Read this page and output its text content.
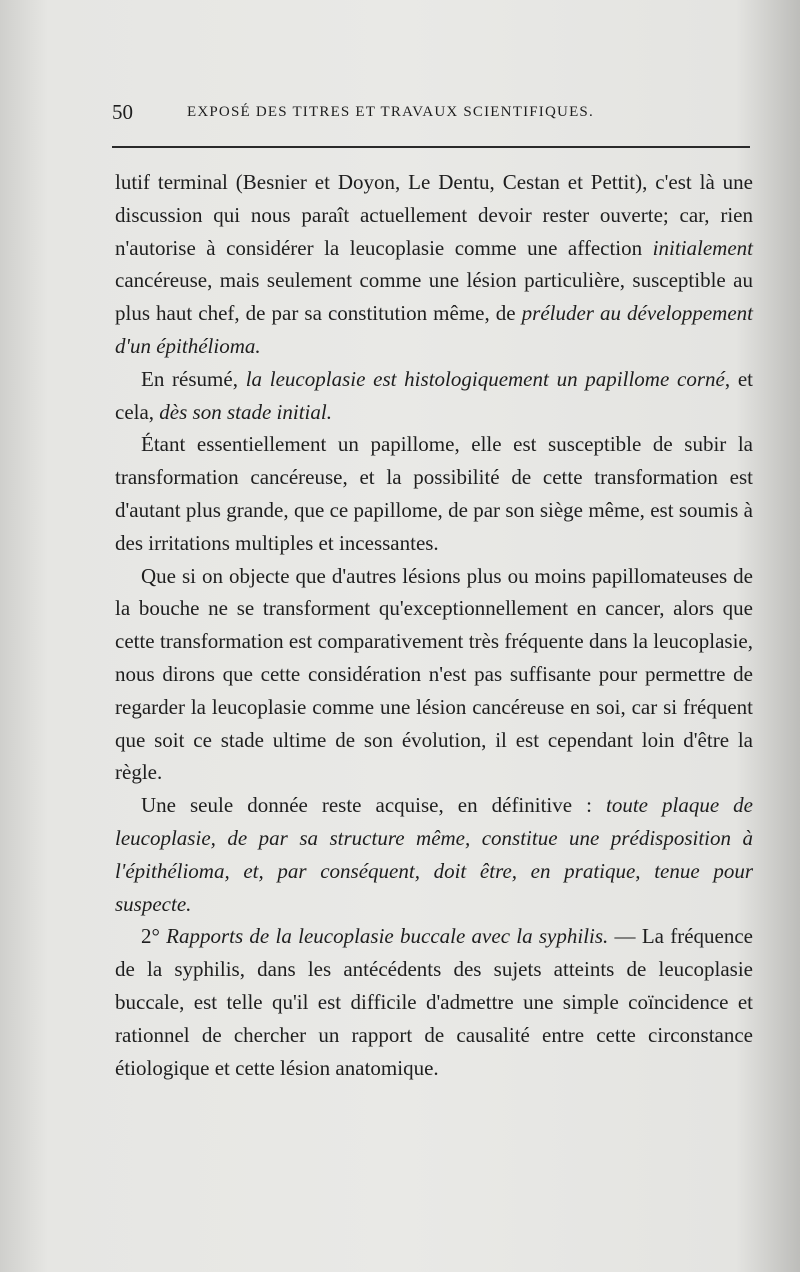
50	EXPOSÉ DES TITRES ET TRAVAUX SCIENTIFIQUES.

lutif terminal (Besnier et Doyon, Le Dentu, Cestan et Pettit), c'est là une discussion qui nous paraît actuellement devoir rester ouverte; car, rien n'autorise à considérer la leucoplasie comme une affection initialement cancéreuse, mais seulement comme une lésion particulière, susceptible au plus haut chef, de par sa constitution même, de préluder au développement d'un épithélioma.

En résumé, la leucoplasie est histologiquement un papillome corné, et cela, dès son stade initial.

Étant essentiellement un papillome, elle est susceptible de subir la transformation cancéreuse, et la possibilité de cette transformation est d'autant plus grande, que ce papillome, de par son siège même, est soumis à des irritations multiples et incessantes.

Que si on objecte que d'autres lésions plus ou moins papillomateuses de la bouche ne se transforment qu'exceptionnellement en cancer, alors que cette transformation est comparativement très fréquente dans la leucoplasie, nous dirons que cette considération n'est pas suffisante pour permettre de regarder la leucoplasie comme une lésion cancéreuse en soi, car si fréquent que soit ce stade ultime de son évolution, il est cependant loin d'être la règle.

Une seule donnée reste acquise, en définitive : toute plaque de leucoplasie, de par sa structure même, constitue une prédisposition à l'épithélioma, et, par conséquent, doit être, en pratique, tenue pour suspecte.

2° Rapports de la leucoplasie buccale avec la syphilis. — La fréquence de la syphilis, dans les antécédents des sujets atteints de leucoplasie buccale, est telle qu'il est difficile d'admettre une simple coïncidence et rationnel de chercher un rapport de causalité entre cette circonstance étiologique et cette lésion anatomique.
